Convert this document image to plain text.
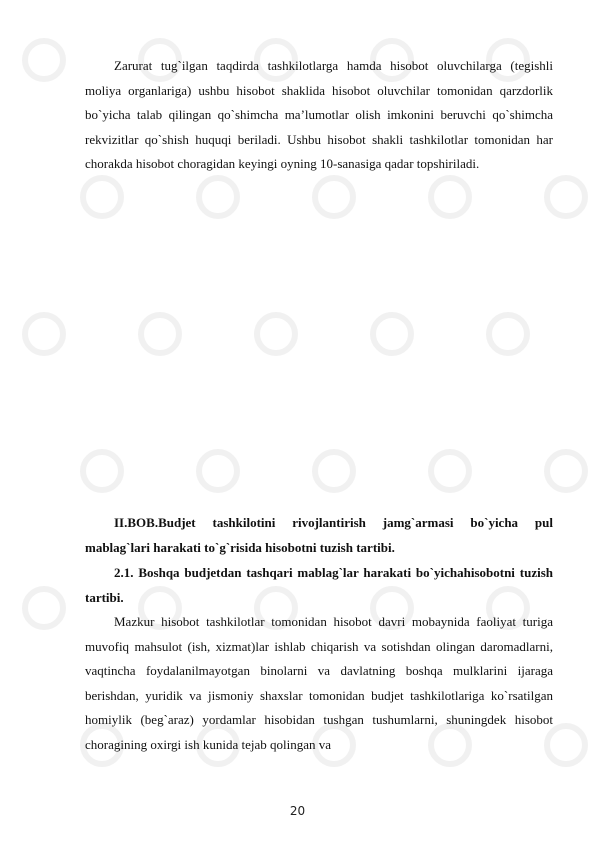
Zarurat tug`ilgan taqdirda tashkilotlarga hamda hisobot oluvchilarga (tegishli moliya organlariga) ushbu hisobot shaklida hisobot oluvchilar tomonidan qarzdorlik bo`yicha talab qilingan qo`shimcha ma’lumotlar olish imkonini beruvchi qo`shimcha rekvizitlar qo`shish huquqi beriladi. Ushbu hisobot shakli tashkilotlar tomonidan har chorakda hisobot choragidan keyingi oyning 10-sanasiga qadar topshiriladi.

II.BOB.Budjet tashkilotini rivojlantirish jamg`armasi bo`yicha pul mablag`lari harakati to`g`risida hisobotni tuzish tartibi.

2.1. Boshqa budjetdan tashqari mablag`lar harakati bo`yichahisobotni tuzish tartibi.

Mazkur hisobot tashkilotlar tomonidan hisobot davri mobaynida faoliyat turiga muvofiq mahsulot (ish, xizmat)lar ishlab chiqarish va sotishdan olingan daromadlarni, vaqtincha foydalanilmayotgan binolarni va davlatning boshqa mulklarini ijaraga berishdan, yuridik va jismoniy shaxslar tomonidan budjet tashkilotlariga ko`rsatilgan homiylik (beg`araz) yordamlar hisobidan tushgan tushumlarni, shuningdek hisobot choragining oxirgi ish kunida tejab qolingan va

20
